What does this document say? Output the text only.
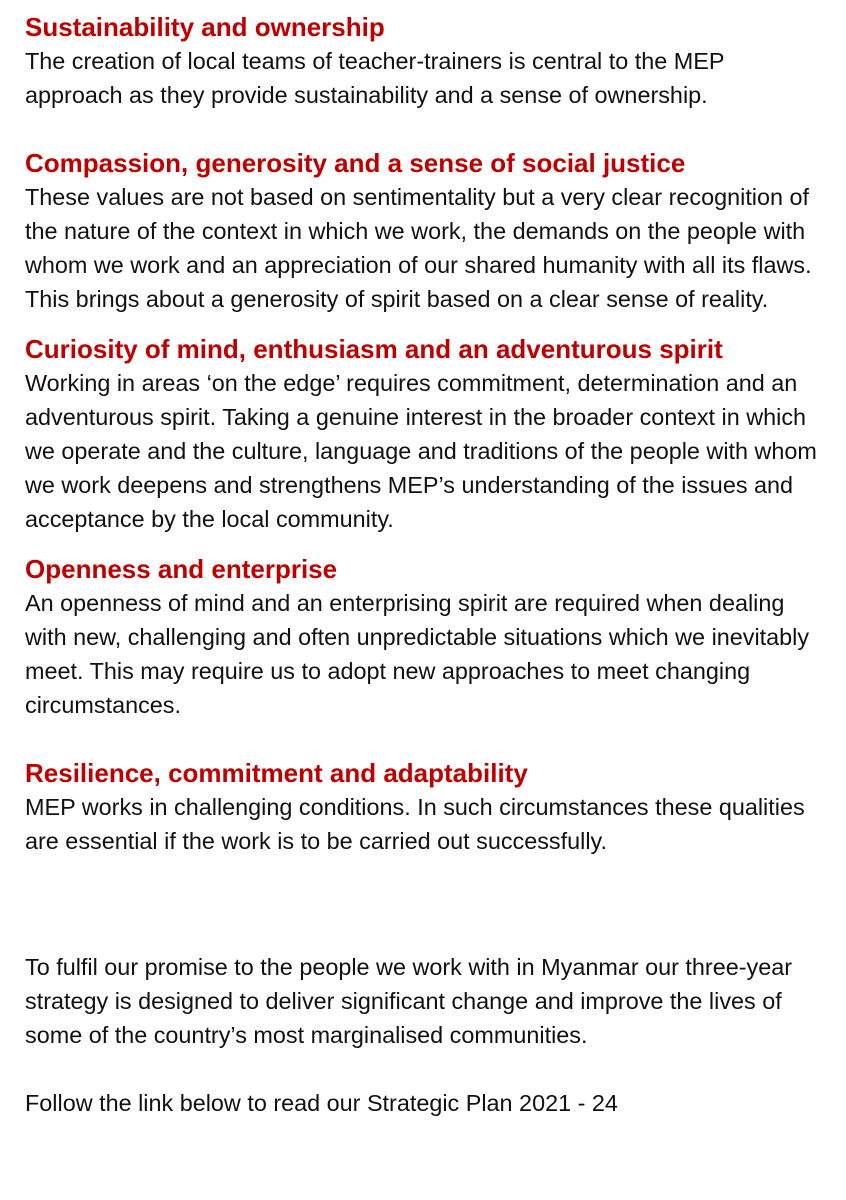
Sustainability and ownership

The creation of local teams of teacher-trainers is central to the MEP approach as they provide sustainability and a sense of ownership.

Compassion, generosity and a sense of social justice

These values are not based on sentimentality but a very clear recognition of the nature of the context in which we work, the demands on the people with whom we work and an appreciation of our shared humanity with all its flaws. This brings about a generosity of spirit based on a clear sense of reality.

Curiosity of mind, enthusiasm and an adventurous spirit

Working in areas ‘on the edge’ requires commitment, determination and an adventurous spirit. Taking a genuine interest in the broader context in which we operate and the culture, language and traditions of the people with whom we work deepens and strengthens MEP’s understanding of the issues and acceptance by the local community.

Openness and enterprise

An openness of mind and an enterprising spirit are required when dealing with new, challenging and often unpredictable situations which we inevitably meet. This may require us to adopt new approaches to meet changing circumstances.

Resilience, commitment and adaptability

MEP works in challenging conditions. In such circumstances these qualities are essential if the work is to be carried out successfully.

To fulfil our promise to the people we work with in Myanmar our three-year strategy is designed to deliver significant change and improve the lives of some of the country’s most marginalised communities.

Follow the link below to read our Strategic Plan 2021 - 24
